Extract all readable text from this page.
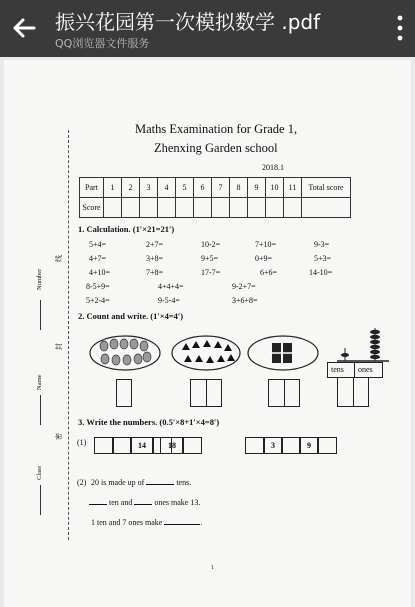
振兴花园第一次模拟数学 .pdf
QQ浏览器文件服务
Number
Name
Class
线
封
密
Maths Examination for Grade 1,
Zhenxing Garden school
2018.1
Part	1	2	3	4	5	6	7	8	9	10	11	Total score
Score												
1. Calculation. (1′×21=21′)
5+4=	2+7=	10-2=	7+10=	9-3=
4+7=	3+8=	9+5=	0+9=	5+3=
4+10=	7+8=	17-7=	6+6=	14-10=
8-5+9=	4+4+4=	9-2+7=
5+2-4=	9-5-4=	3+6+8=
2. Count and write. (1′×4=4′)
tens ones
3. Write the numbers. (0.5′×8+1′×4=8′)
(1)	14	18	3	9
(2) 20 is made up of	tens.
ten and	ones make 13.
1 ten and 7 ones make	.
1
